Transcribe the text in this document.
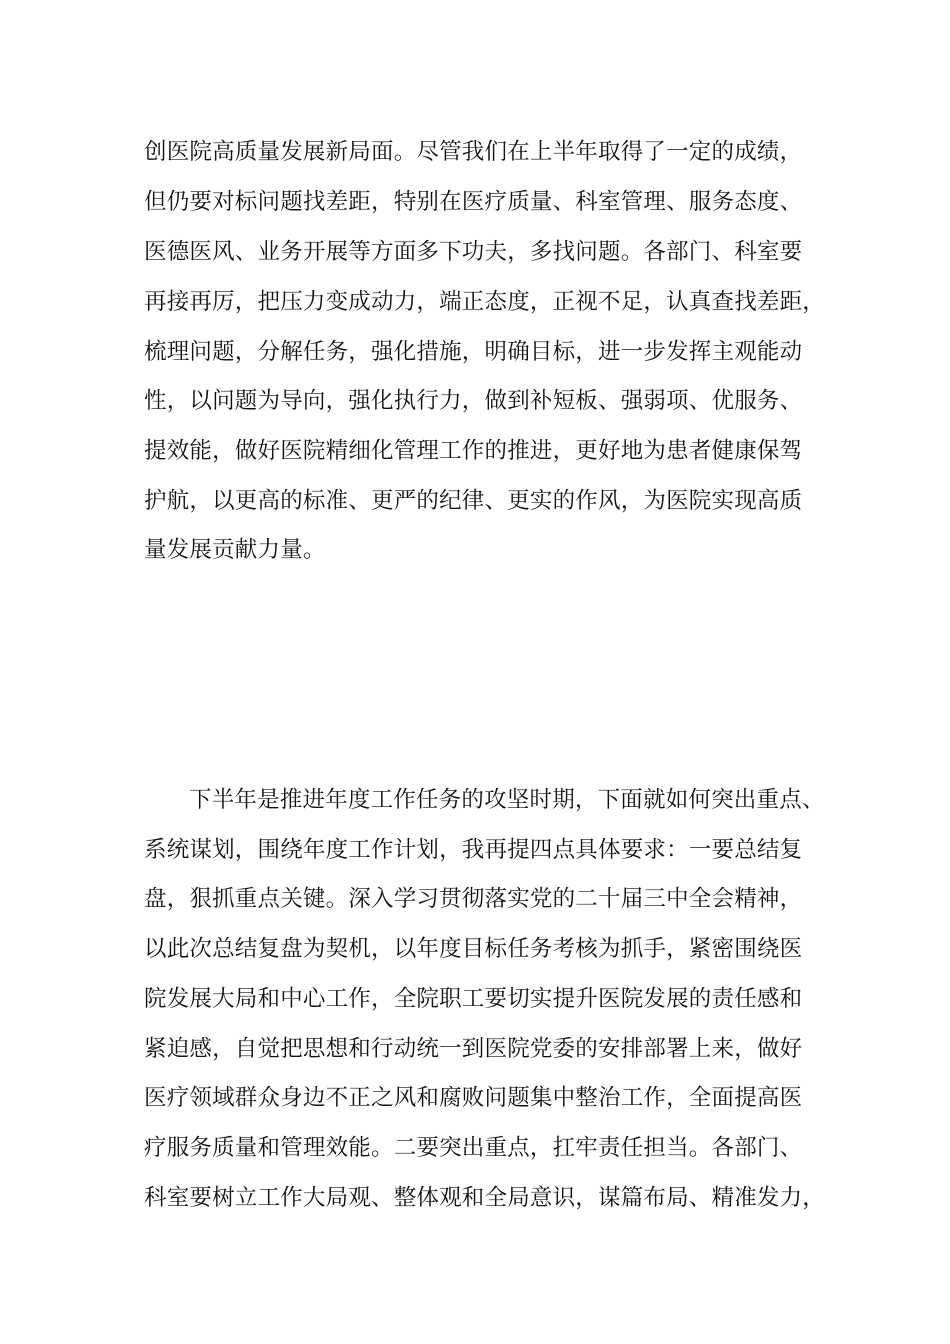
创医院高质量发展新局面。尽管我们在上半年取得了一定的成绩，
但仍要对标问题找差距，特别在医疗质量、科室管理、服务态度、
医德医风、业务开展等方面多下功夫，多找问题。各部门、科室要
再接再厉，把压力变成动力，端正态度，正视不足，认真查找差距，
梳理问题，分解任务，强化措施，明确目标，进一步发挥主观能动
性，以问题为导向，强化执行力，做到补短板、强弱项、优服务、
提效能，做好医院精细化管理工作的推进，更好地为患者健康保驾
护航，以更高的标准、更严的纪律、更实的作风，为医院实现高质
量发展贡献力量。
下半年是推进年度工作任务的攻坚时期，下面就如何突出重点、
系统谋划，围绕年度工作计划，我再提四点具体要求：一要总结复
盘，狠抓重点关键。深入学习贯彻落实党的二十届三中全会精神，
以此次总结复盘为契机，以年度目标任务考核为抓手，紧密围绕医
院发展大局和中心工作，全院职工要切实提升医院发展的责任感和
紧迫感，自觉把思想和行动统一到医院党委的安排部署上来，做好
医疗领域群众身边不正之风和腐败问题集中整治工作，全面提高医
疗服务质量和管理效能。二要突出重点，扛牢责任担当。各部门、
科室要树立工作大局观、整体观和全局意识，谋篇布局、精准发力，
